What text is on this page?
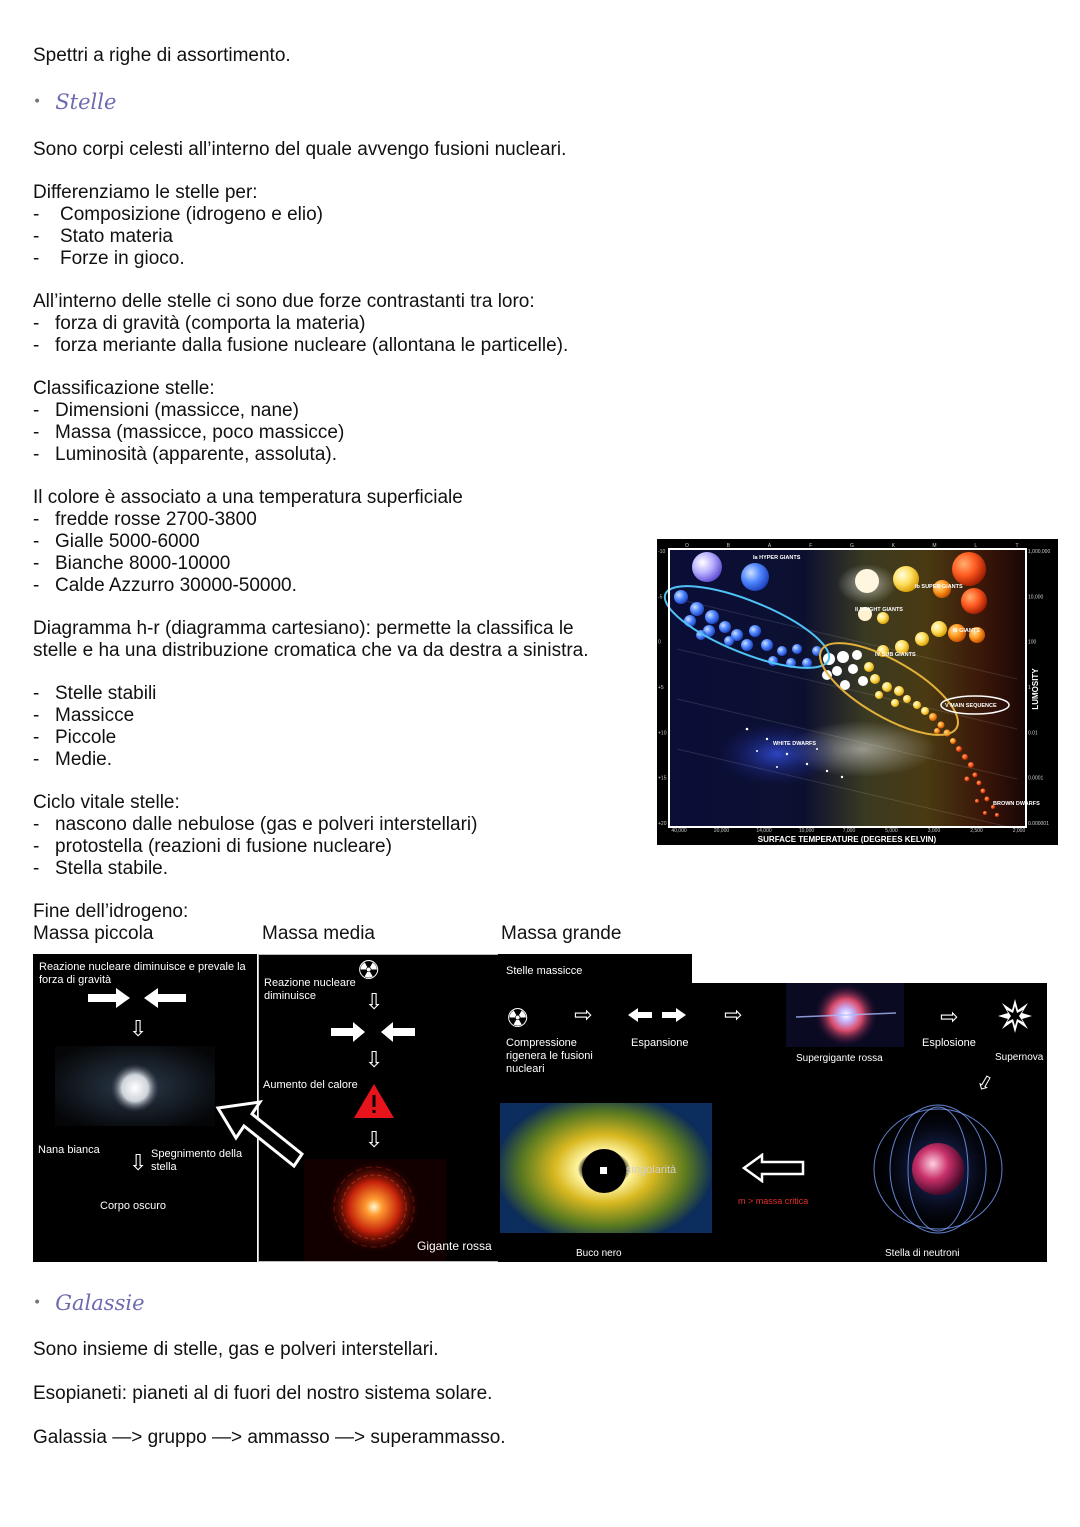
Spettri a righe di assortimento.
• Stelle
Sono corpi celesti all’interno del quale avvengo fusioni nucleari.
Differenziamo le stelle per:
- Composizione (idrogeno e elio)
- Stato materia
- Forze in gioco.
All’interno delle stelle ci sono due forze contrastanti tra loro:
- forza di gravità (comporta la materia)
- forza meriante dalla fusione nucleare (allontana le particelle).
Classificazione stelle:
- Dimensioni (massicce, nane)
- Massa (massicce, poco massicce)
- Luminosità (apparente, assoluta).
Il colore è associato a una temperatura superficiale
- fredde rosse 2700-3800
- Gialle 5000-6000
- Bianche 8000-10000
- Calde Azzurro 30000-50000.
Diagramma h-r (diagramma cartesiano): permette la classifica le
stelle e ha una distribuzione cromatica che va da destra a sinistra.
- Stelle stabili
- Massicce
- Piccole
- Medie.
Ciclo vitale stelle:
- nascono dalle nebulose (gas e polveri interstellari)
- protostella (reazioni di fusione nucleare)
- Stella stabile.
Fine dell’idrogeno:
Massa piccola	Massa media	Massa grande
Ia HYPER GIANTS
Ib SUPER GIANTS
II BRIGHT GIANTS
III GIANTS
IV SUB GIANTS
V MAIN SEQUENCE
WHITE DWARFS
BROWN DWARFS
O	B	A	F	G	K	M	L	T
-10
-5
0
+5
+10
+15
+20
1,000,000
10,000
100
1
0.01
0.0001
0.000001
40,000	20,000	14,000	10,000	7,000	5,000	3,000	2,500	2,000
SURFACE TEMPERATURE (DEGREES KELVIN)
LUMOSITY
Reazione nucleare diminuisce e prevale la forza di gravità
⇩
Nana bianca ⇩ Spegnimento della stella
Corpo oscuro
Reazione nucleare diminuisce
☢
⇩
⇩
Aumento del calore
⇩
Gigante rossa
Stelle massicce
☢
Compressione rigenera le fusioni nucleari
⇨
Espansione
⇨
Supergigante rossa
⇨
Esplosione
Supernova
⇩
singolarità
Buco nero
m > massa critica
Stella di neutroni
• Galassie
Sono insieme di stelle, gas e polveri interstellari.
Esopianeti: pianeti al di fuori del nostro sistema solare.
Galassia —> gruppo —> ammasso —> superammasso.
